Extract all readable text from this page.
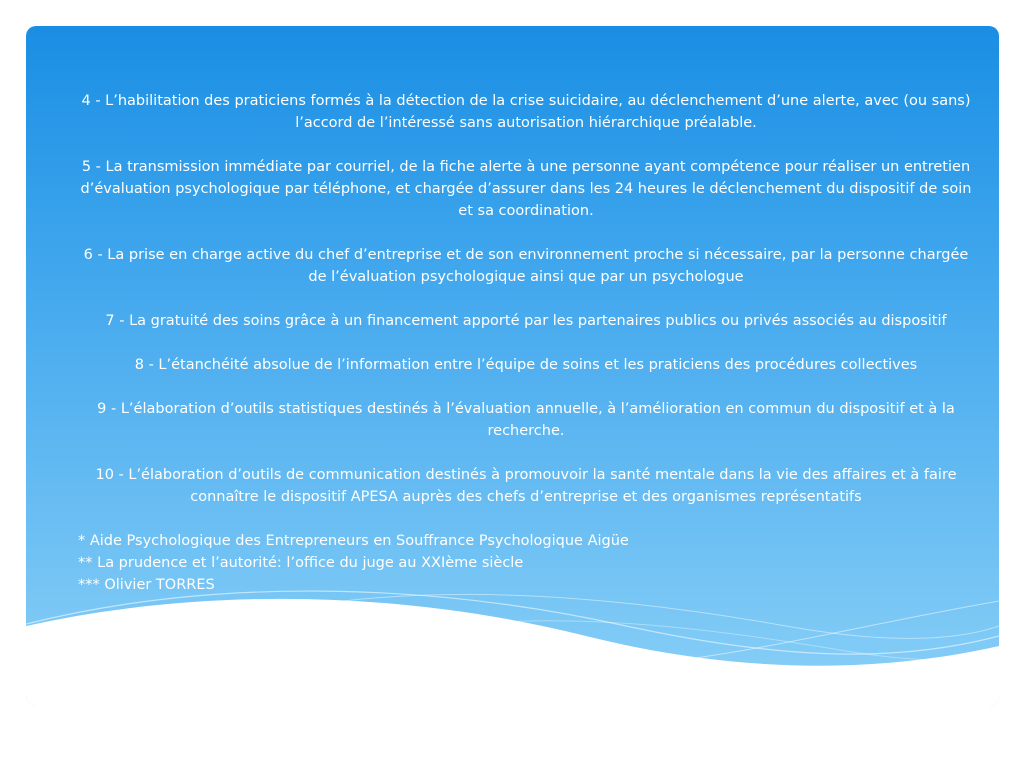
4 - L’habilitation des praticiens formés à la détection de la crise suicidaire, au déclenchement d’une alerte, avec (ou sans) l’accord de l’intéressé sans autorisation hiérarchique préalable.

5 - La transmission immédiate par courriel, de la fiche alerte à une personne ayant compétence pour réaliser un entretien d’évaluation psychologique par téléphone, et chargée d’assurer dans les 24 heures le déclenchement du dispositif de soin et sa coordination.

6 - La prise en charge active du chef d’entreprise et de son environnement proche si nécessaire, par la personne chargée de l’évaluation psychologique ainsi que par un psychologue

7 - La gratuité des soins grâce à un financement apporté par les partenaires publics ou privés associés au dispositif

8 - L’étanchéité absolue de l’information entre l’équipe de soins et les praticiens des procédures collectives

9 - L’élaboration d’outils statistiques destinés à l’évaluation annuelle, à l’amélioration en commun du dispositif et à la recherche.

10 - L’élaboration d’outils de communication destinés à promouvoir la santé mentale dans la vie des affaires et à faire connaître le dispositif APESA auprès des chefs d’entreprise et des organismes représentatifs

* Aide Psychologique des Entrepreneurs en Souffrance Psychologique Aigüe
** La prudence et l’autorité: l’office du juge au XXIème siècle
*** Olivier TORRES
